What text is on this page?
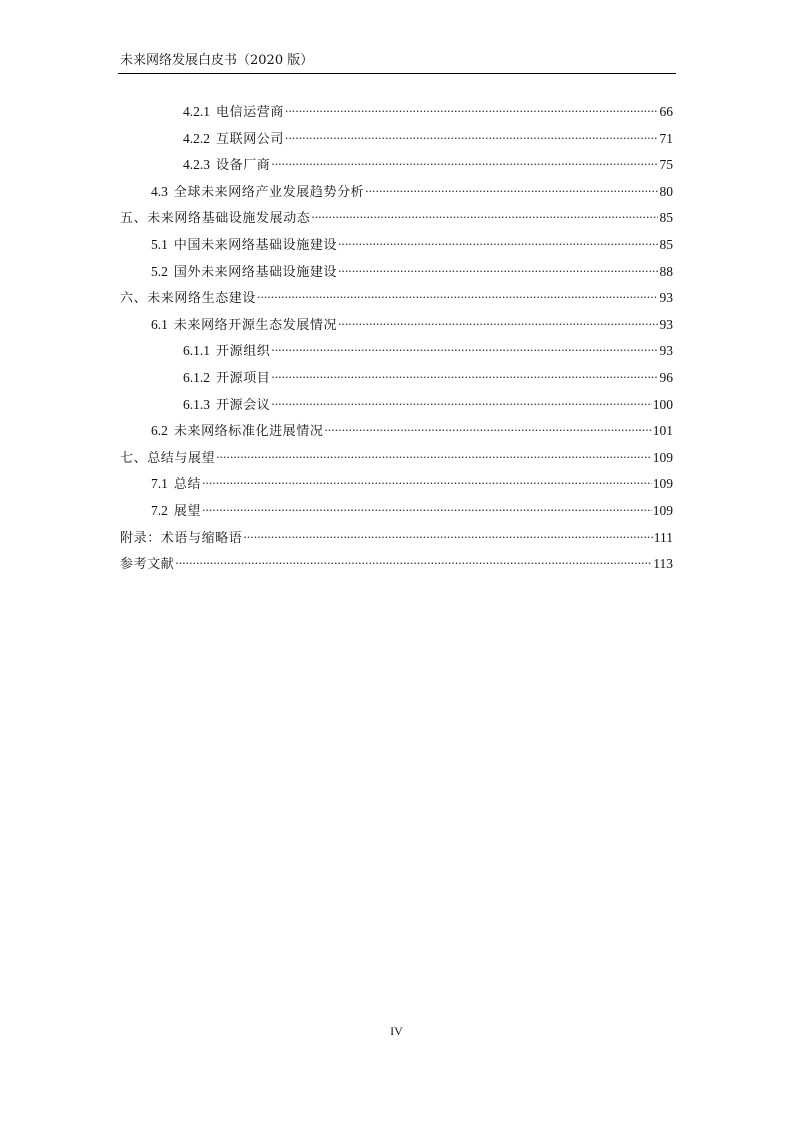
未来网络发展白皮书（2020 版）
4.2.1 电信运营商 .....	66
4.2.2 互联网公司 .....	71
4.2.3 设备厂商 .....	75
4.3 全球未来网络产业发展趋势分析 .....	80
五、未来网络基础设施发展动态 .....	85
5.1 中国未来网络基础设施建设 .....	85
5.2 国外未来网络基础设施建设 .....	88
六、未来网络生态建设 .....	93
6.1 未来网络开源生态发展情况 .....	93
6.1.1 开源组织 .....	93
6.1.2 开源项目 .....	96
6.1.3 开源会议 .....	100
6.2 未来网络标准化进展情况 .....	101
七、总结与展望 .....	109
7.1 总结 .....	109
7.2 展望 .....	109
附录：术语与缩略语 .....	111
参考文献 .....	113
IV
